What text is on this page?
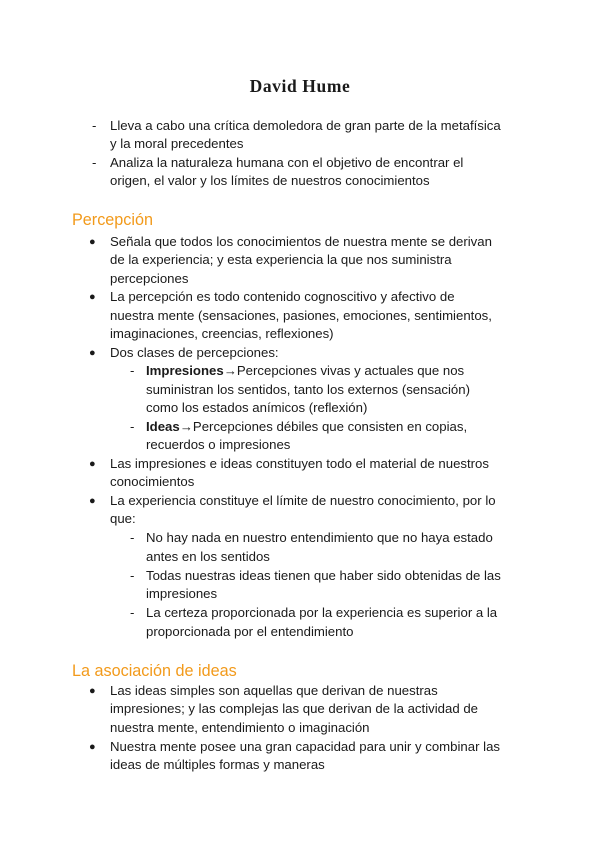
David Hume
- Lleva a cabo una crítica demoledora de gran parte de la metafísica
y la moral precedentes
- Analiza la naturaleza humana con el objetivo de encontrar el
origen, el valor y los límites de nuestros conocimientos
Percepción
● Señala que todos los conocimientos de nuestra mente se derivan
de la experiencia; y esta experiencia la que nos suministra
percepciones
● La percepción es todo contenido cognoscitivo y afectivo de
nuestra mente (sensaciones, pasiones, emociones, sentimientos,
imaginaciones, creencias, reflexiones)
● Dos clases de percepciones:
- Impresiones→Percepciones vivas y actuales que nos
suministran los sentidos, tanto los externos (sensación)
como los estados anímicos (reflexión)
- Ideas→Percepciones débiles que consisten en copias,
recuerdos o impresiones
● Las impresiones e ideas constituyen todo el material de nuestros
conocimientos
● La experiencia constituye el límite de nuestro conocimiento, por lo
que:
- No hay nada en nuestro entendimiento que no haya estado
antes en los sentidos
- Todas nuestras ideas tienen que haber sido obtenidas de las
impresiones
- La certeza proporcionada por la experiencia es superior a la
proporcionada por el entendimiento
La asociación de ideas
● Las ideas simples son aquellas que derivan de nuestras
impresiones; y las complejas las que derivan de la actividad de
nuestra mente, entendimiento o imaginación
● Nuestra mente posee una gran capacidad para unir y combinar las
ideas de múltiples formas y maneras
